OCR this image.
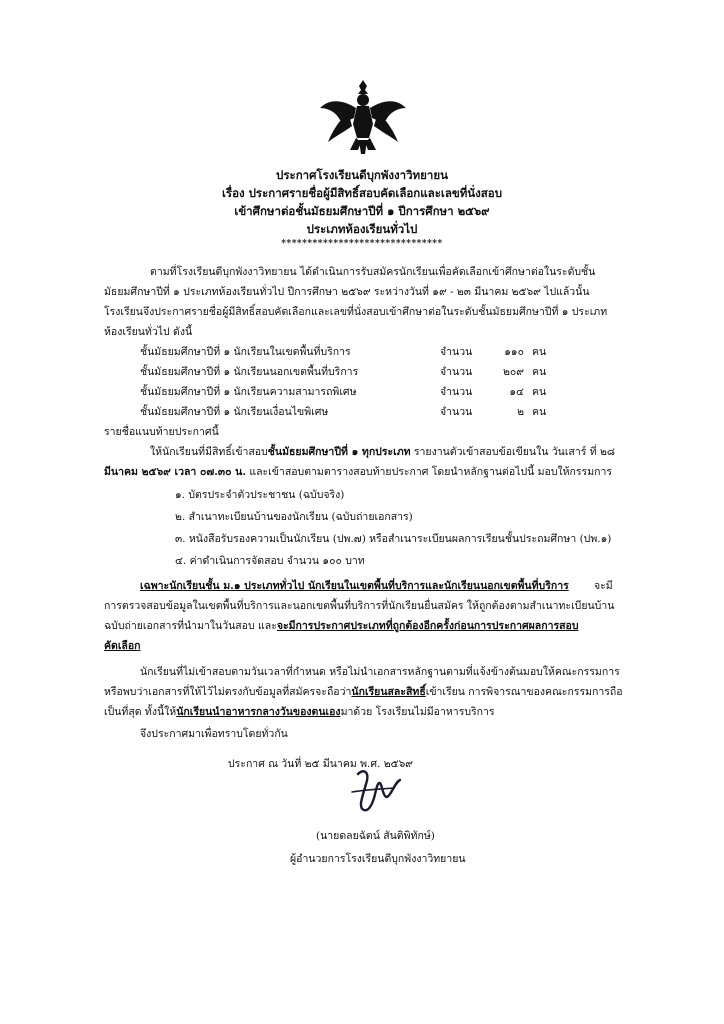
ประกาศโรงเรียนดีบุกพังงาวิทยายน
เรื่อง ประกาศรายชื่อผู้มีสิทธิ์สอบคัดเลือกและเลขที่นั่งสอบ
เข้าศึกษาต่อชั้นมัธยมศึกษาปีที่ ๑ ปีการศึกษา ๒๕๖๙
ประเภทห้องเรียนทั่วไป
*******************************
ตามที่โรงเรียนดีบุกพังงาวิทยายน ได้ดำเนินการรับสมัครนักเรียนเพื่อคัดเลือกเข้าศึกษาต่อในระดับชั้น
มัธยมศึกษาปีที่ ๑ ประเภทห้องเรียนทั่วไป ปีการศึกษา ๒๕๖๙ ระหว่างวันที่ ๑๙ - ๒๓ มีนาคม ๒๕๖๙ ไปแล้วนั้น
โรงเรียนจึงประกาศรายชื่อผู้มีสิทธิ์สอบคัดเลือกและเลขที่นั่งสอบเข้าศึกษาต่อในระดับชั้นมัธยมศึกษาปีที่ ๑ ประเภท
ห้องเรียนทั่วไป ดังนี้
ชั้นมัธยมศึกษาปีที่ ๑ นักเรียนในเขตพื้นที่บริการ	จำนวน	๑๑๐ คน
ชั้นมัธยมศึกษาปีที่ ๑ นักเรียนนอกเขตพื้นที่บริการ	จำนวน	๒๐๙ คน
ชั้นมัธยมศึกษาปีที่ ๑ นักเรียนความสามารถพิเศษ	จำนวน	๑๔ คน
ชั้นมัธยมศึกษาปีที่ ๑ นักเรียนเงื่อนไขพิเศษ	จำนวน	๒ คน
รายชื่อแนบท้ายประกาศนี้
ให้นักเรียนที่มีสิทธิ์เข้าสอบชั้นมัธยมศึกษาปีที่ ๑ ทุกประเภท รายงานตัวเข้าสอบข้อเขียนใน วันเสาร์ ที่ ๒๘
มีนาคม ๒๕๖๙ เวลา ๐๗.๓๐ น. และเข้าสอบตามตารางสอบท้ายประกาศ โดยนำหลักฐานต่อไปนี้ มอบให้กรรมการ
๑. บัตรประจำตัวประชาชน (ฉบับจริง)
๒. สำเนาทะเบียนบ้านของนักเรียน (ฉบับถ่ายเอกสาร)
๓. หนังสือรับรองความเป็นนักเรียน (ปพ.๗) หรือสำเนาระเบียนผลการเรียนชั้นประถมศึกษา (ปพ.๑)
๔. ค่าดำเนินการจัดสอบ จำนวน ๑๐๐ บาท
เฉพาะนักเรียนชั้น ม.๑ ประเภททั่วไป นักเรียนในเขตพื้นที่บริการและนักเรียนนอกเขตพื้นที่บริการ จะมี
การตรวจสอบข้อมูลในเขตพื้นที่บริการและนอกเขตพื้นที่บริการที่นักเรียนยื่นสมัคร ให้ถูกต้องตามสำเนาทะเบียนบ้าน
ฉบับถ่ายเอกสารที่นำมาในวันสอบ และจะมีการประกาศประเภทที่ถูกต้องอีกครั้งก่อนการประกาศผลการสอบ
คัดเลือก
นักเรียนที่ไม่เข้าสอบตามวันเวลาที่กำหนด หรือไม่นำเอกสารหลักฐานตามที่แจ้งข้างต้นมอบให้คณะกรรมการ
หรือพบว่าเอกสารที่ให้ไว้ไม่ตรงกับข้อมูลที่สมัครจะถือว่านักเรียนสละสิทธิ์เข้าเรียน การพิจารณาของคณะกรรมการถือ
เป็นที่สุด ทั้งนี้ให้นักเรียนนำอาหารกลางวันของตนเองมาด้วย โรงเรียนไม่มีอาหารบริการ
จึงประกาศมาเพื่อทราบโดยทั่วกัน
ประกาศ ณ วันที่ ๒๕ มีนาคม พ.ศ. ๒๕๖๙
(นายดลยฉัตน์ สันติพิทักษ์)
ผู้อำนวยการโรงเรียนดีบุกพังงาวิทยายน
